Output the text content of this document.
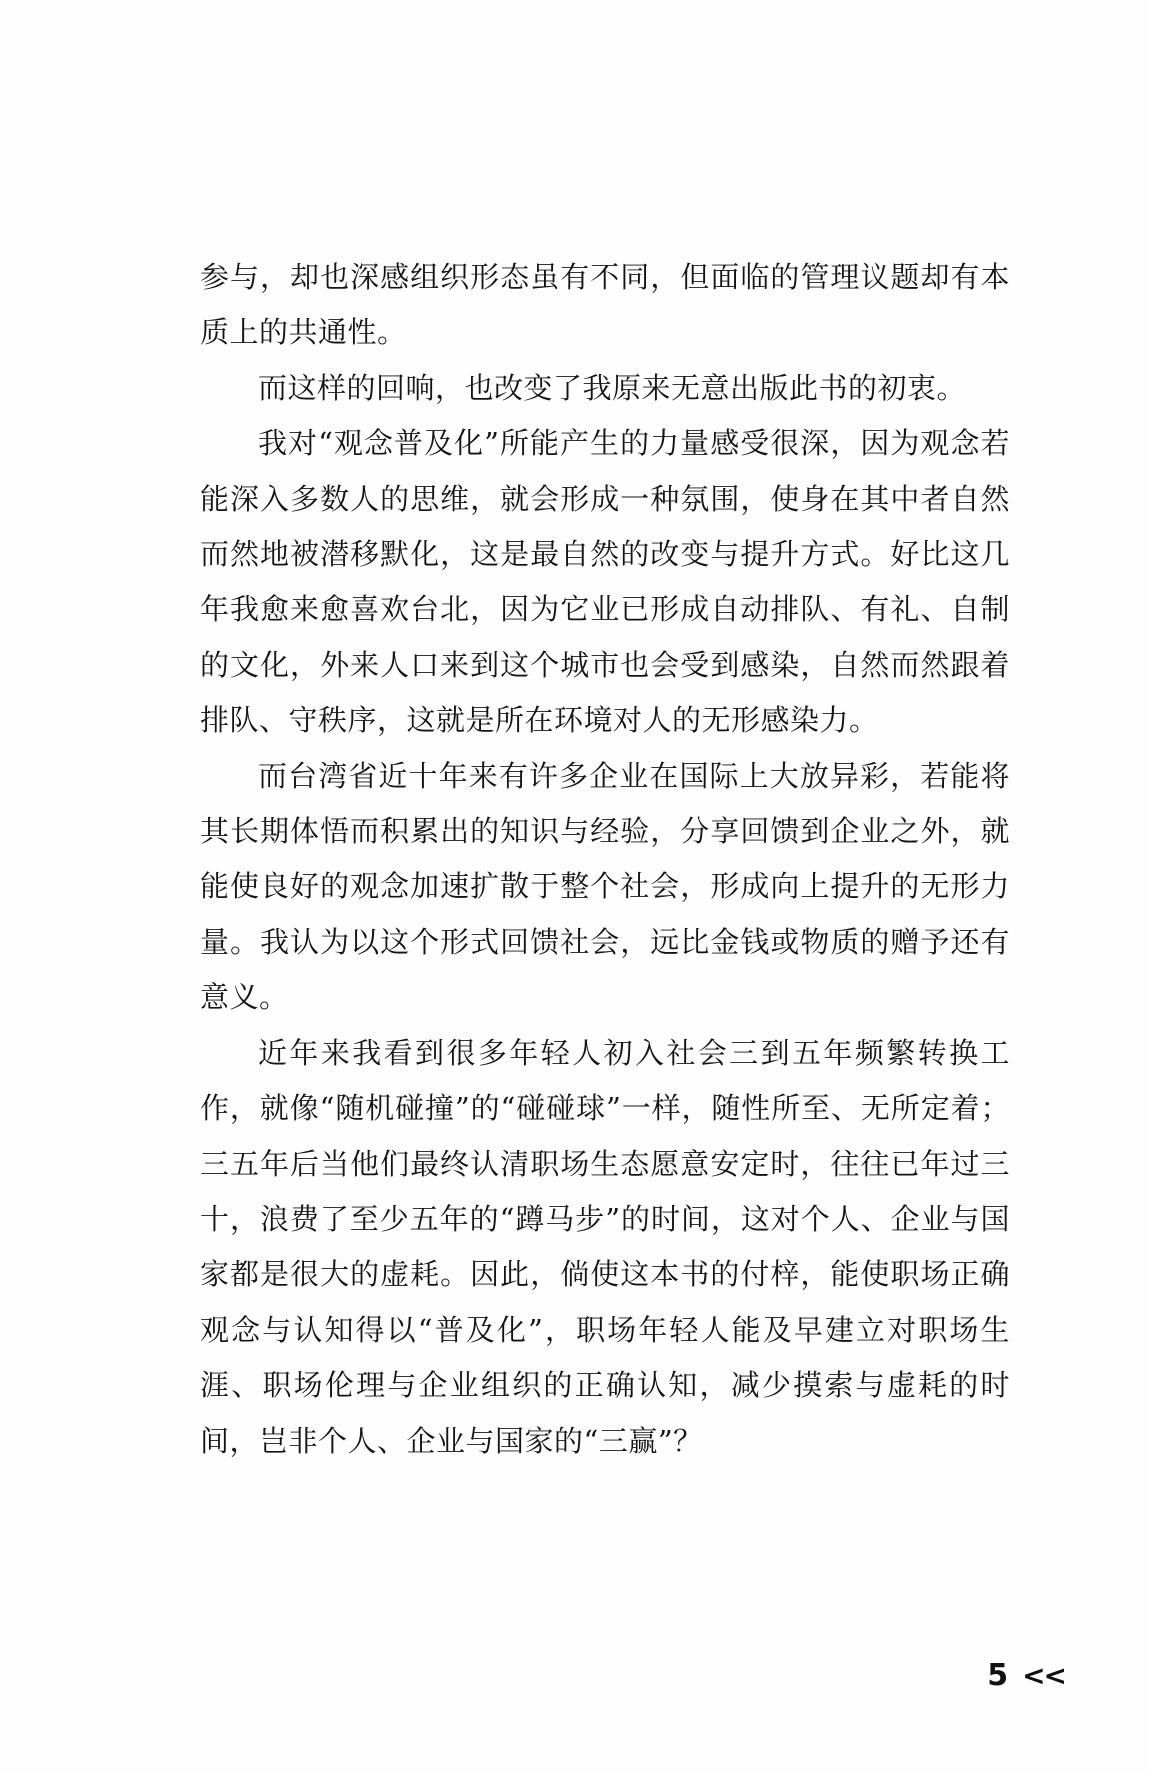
参与，却也深感组织形态虽有不同，但面临的管理议题却有本质上的共通性。

而这样的回响，也改变了我原来无意出版此书的初衷。

我对“观念普及化”所能产生的力量感受很深，因为观念若能深入多数人的思维，就会形成一种氛围，使身在其中者自然而然地被潜移默化，这是最自然的改变与提升方式。好比这几年我愈来愈喜欢台北，因为它业已形成自动排队、有礼、自制的文化，外来人口来到这个城市也会受到感染，自然而然跟着排队、守秩序，这就是所在环境对人的无形感染力。

而台湾省近十年来有许多企业在国际上大放异彩，若能将其长期体悟而积累出的知识与经验，分享回馈到企业之外，就能使良好的观念加速扩散于整个社会，形成向上提升的无形力量。我认为以这个形式回馈社会，远比金钱或物质的赠予还有意义。

近年来我看到很多年轻人初入社会三到五年频繁转换工作，就像“随机碰撞”的“碰碰球”一样，随性所至、无所定着；三五年后当他们最终认清职场生态愿意安定时，往往已年过三十，浪费了至少五年的“蹲马步”的时间，这对个人、企业与国家都是很大的虚耗。因此，倘使这本书的付梓，能使职场正确观念与认知得以“普及化”，职场年轻人能及早建立对职场生涯、职场伦理与企业组织的正确认知，减少摸索与虚耗的时间，岂非个人、企业与国家的“三赢”？

5 <<
